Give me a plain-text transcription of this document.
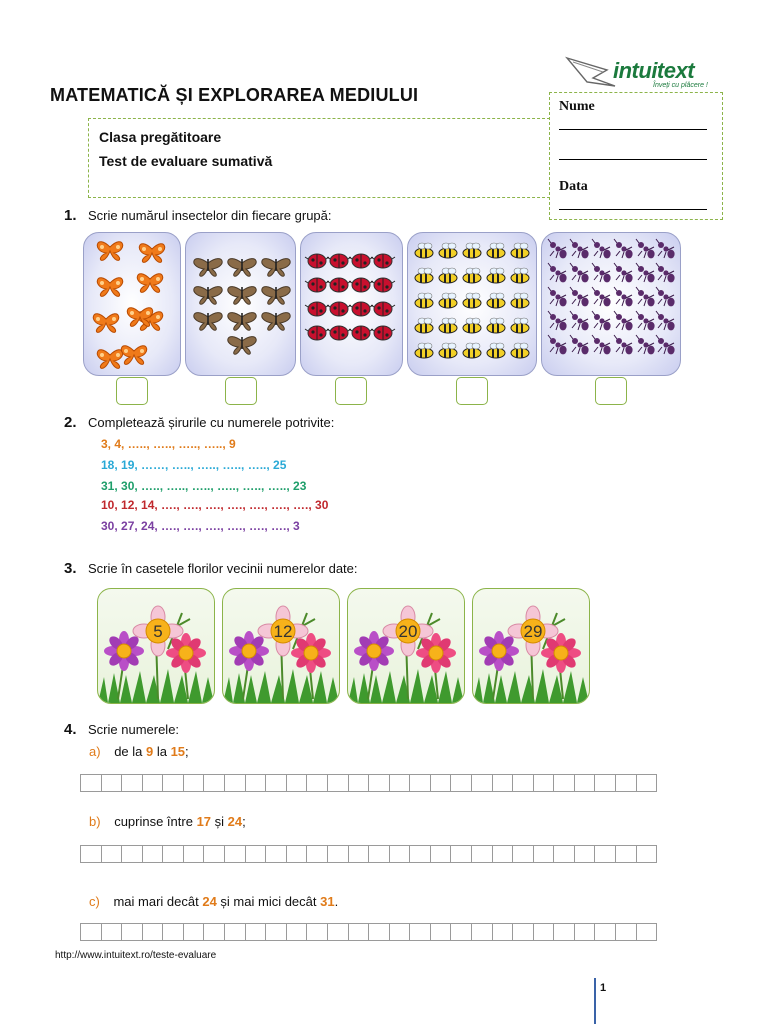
MATEMATICĂ ȘI EXPLORAREA MEDIULUI
intuitext
Înveți cu plăcere !
Clasa pregătitoare
Test de evaluare sumativă
Nume
Data
1. Scrie numărul insectelor din fiecare grupă:
2. Completează șirurile cu numerele potrivite:
3, 4, ….., ….., ….., ….., 9
18, 19, ……, ….., ….., ….., ….., 25
31, 30, ….., ….., ….., ….., ….., ….., 23
10, 12, 14, …., …., …., …., …., …., …., 30
30, 27, 24, …., …., …., …., …., …., 3
3. Scrie în casetele florilor vecinii numerelor date:
5	12	20	29
4. Scrie numerele:
a) de la 9 la 15;
b) cuprinse între 17 și 24;
c) mai mari decât 24 și mai mici decât 31.
http://www.intuitext.ro/teste-evaluare
1
